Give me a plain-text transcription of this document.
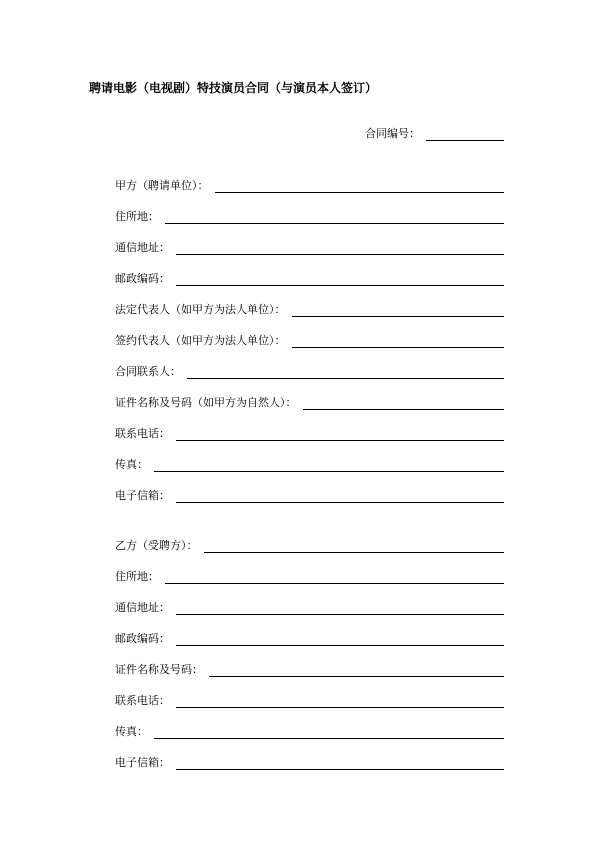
聘请电影（电视剧）特技演员合同（与演员本人签订）
合同编号：
甲方（聘请单位）：
住所地：
通信地址：
邮政编码：
法定代表人（如甲方为法人单位）：
签约代表人（如甲方为法人单位）：
合同联系人：
证件名称及号码（如甲方为自然人）：
联系电话：
传真：
电子信箱：
乙方（受聘方）：
住所地：
通信地址：
邮政编码：
证件名称及号码：
联系电话：
传真：
电子信箱：
